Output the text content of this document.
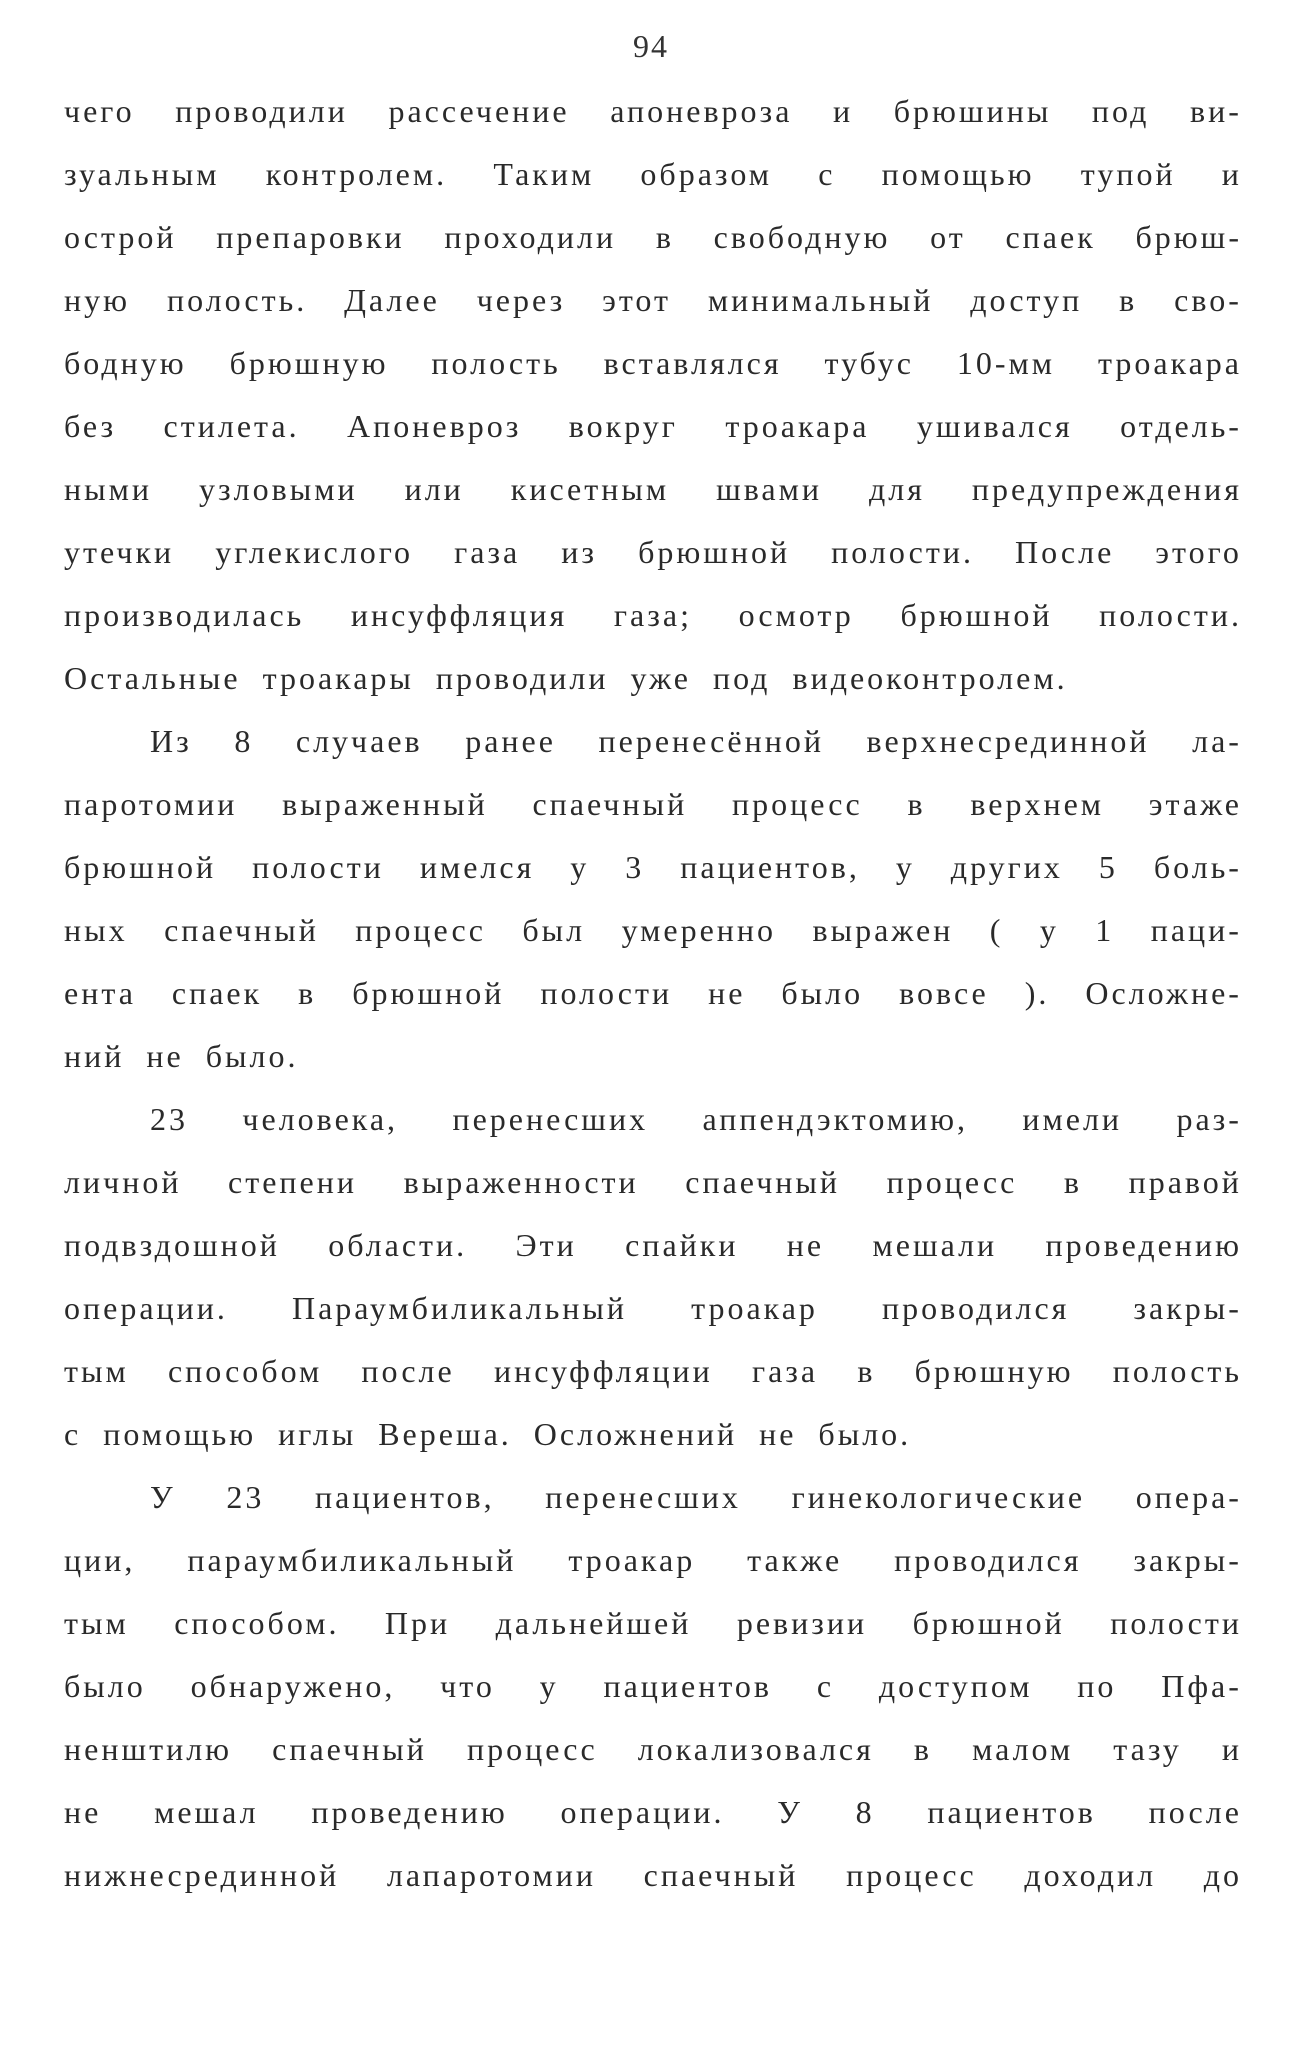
94
чего проводили рассечение апоневроза и брюшины под ви-
зуальным контролем. Таким образом с помощью тупой и
острой препаровки проходили в свободную от спаек брюш-
ную полость. Далее через этот минимальный доступ в сво-
бодную брюшную полость вставлялся тубус 10-мм троакара
без стилета. Апоневроз вокруг троакара ушивался отдель-
ными узловыми или кисетным швами для предупреждения
утечки углекислого газа из брюшной полости. После этого
производилась инсуффляция газа; осмотр брюшной полости.
Остальные троакары проводили уже под видеоконтролем.
Из 8 случаев ранее перенесённой верхнесрединной ла-
паротомии выраженный спаечный процесс в верхнем этаже
брюшной полости имелся у 3 пациентов, у других 5 боль-
ных спаечный процесс был умеренно выражен ( у 1 паци-
ента спаек в брюшной полости не было вовсе ). Осложне-
ний не было.
23 человека, перенесших аппендэктомию, имели раз-
личной степени выраженности спаечный процесс в правой
подвздошной области. Эти спайки не мешали проведению
операции. Параумбиликальный троакар проводился закры-
тым способом после инсуффляции газа в брюшную полость
с помощью иглы Вереша. Осложнений не было.
У 23 пациентов, перенесших гинекологические опера-
ции, параумбиликальный троакар также проводился закры-
тым способом. При дальнейшей ревизии брюшной полости
было обнаружено, что у пациентов с доступом по Пфа-
ненштилю спаечный процесс локализовался в малом тазу и
не мешал проведению операции. У 8 пациентов после
нижнесрединной лапаротомии спаечный процесс доходил до
